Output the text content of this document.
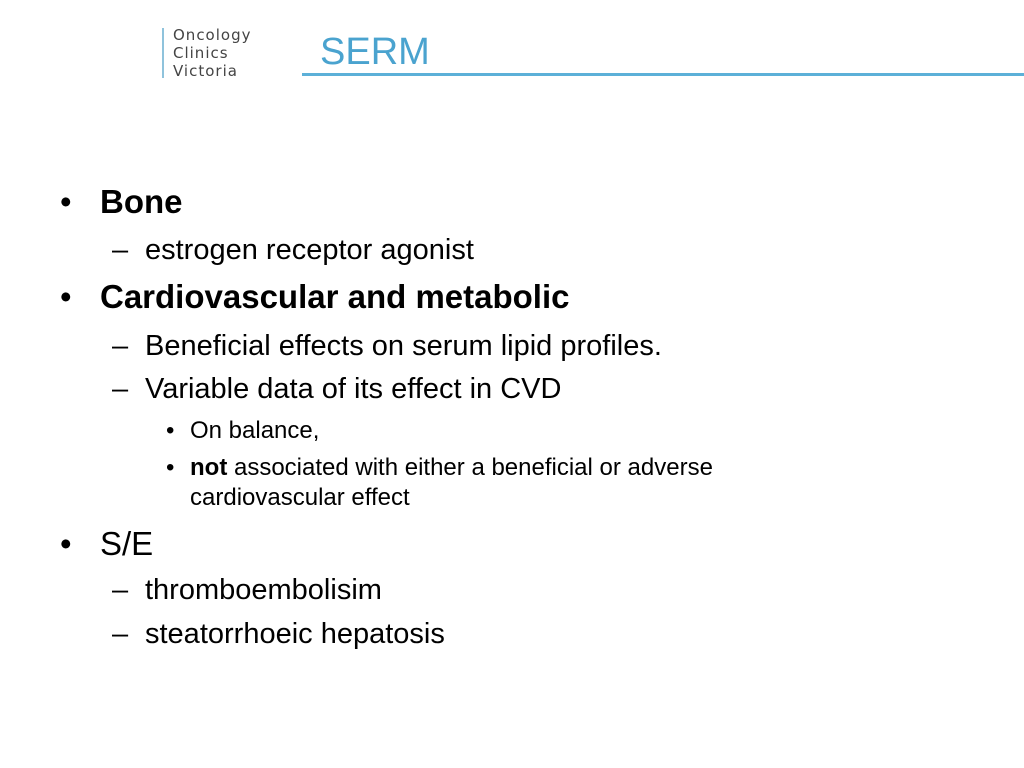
Oncology
Clinics
Victoria	SERM
• Bone
– estrogen receptor agonist
• Cardiovascular and metabolic
– Beneficial effects on serum lipid profiles.
– Variable data of its effect in CVD
• On balance,
• not associated with either a beneficial or adverse
cardiovascular effect
• S/E
– thromboembolisim
– steatorrhoeic hepatosis
